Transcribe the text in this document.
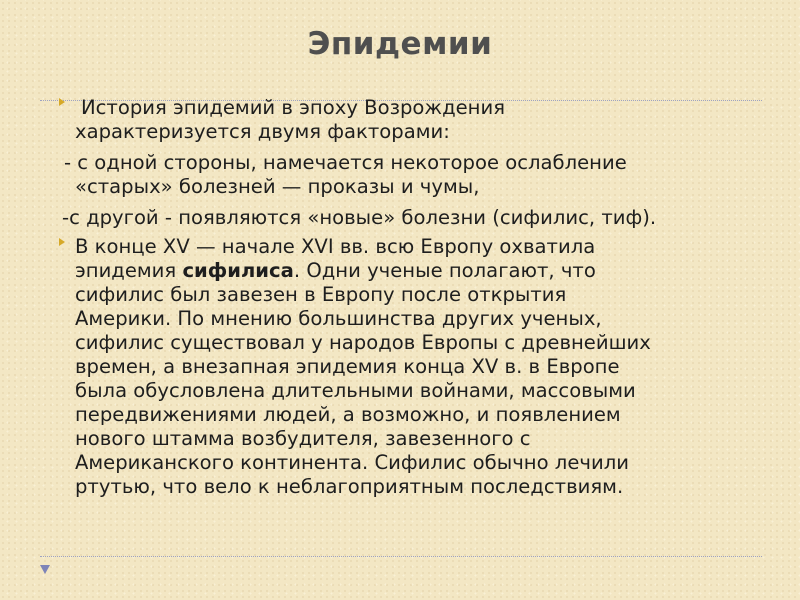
Эпидемии
История эпидемий в эпоху Возрождения
характеризуется двумя факторами:
- с одной стороны, намечается некоторое ослабление
«старых» болезней — проказы и чумы,
-с другой - появляются «новые» болезни (сифилис, тиф).
В конце XV — начале XVI вв. всю Европу охватила
эпидемия сифилиса. Одни ученые полагают, что
сифилис был завезен в Европу после открытия
Америки. По мнению большинства других ученых,
сифилис существовал у народов Европы с древнейших
времен, а внезапная эпидемия конца XV в. в Европе
была обусловлена длительными войнами, массовыми
передвижениями людей, а возможно, и появлением
нового штамма возбудителя, завезенного с
Американского континента. Сифилис обычно лечили
ртутью, что вело к неблагоприятным последствиям.
